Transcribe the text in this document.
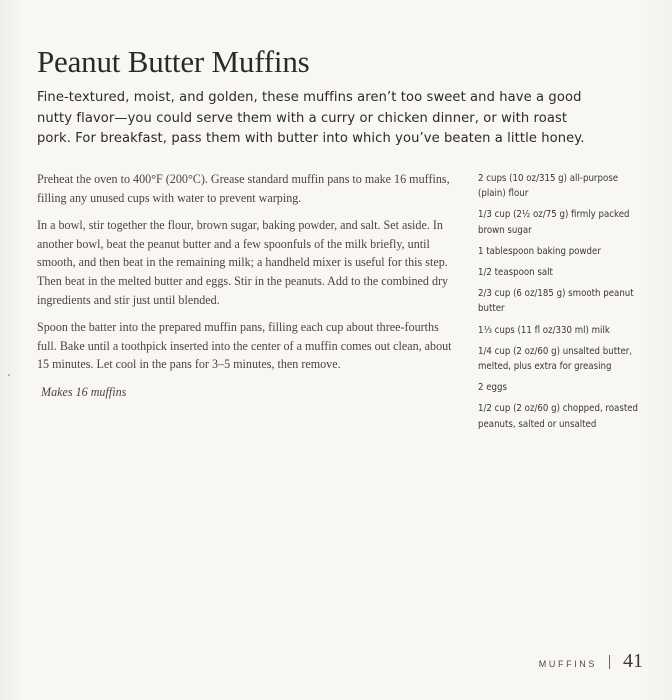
Peanut Butter Muffins

Fine-textured, moist, and golden, these muffins aren’t too sweet and have a good nutty flavor—you could serve them with a curry or chicken dinner, or with roast pork. For breakfast, pass them with butter into which you’ve beaten a little honey.

Preheat the oven to 400°F (200°C). Grease standard muffin pans to make 16 muffins, filling any unused cups with water to prevent warping.

In a bowl, stir together the flour, brown sugar, baking powder, and salt. Set aside. In another bowl, beat the peanut butter and a few spoonfuls of the milk briefly, until smooth, and then beat in the remaining milk; a handheld mixer is useful for this step. Then beat in the melted butter and eggs. Stir in the peanuts. Add to the combined dry ingredients and stir just until blended.

Spoon the batter into the prepared muffin pans, filling each cup about three-fourths full. Bake until a toothpick inserted into the center of a muffin comes out clean, about 15 minutes. Let cool in the pans for 3–5 minutes, then remove.

Makes 16 muffins

2 cups (10 oz/315 g) all-purpose (plain) flour
1/3 cup (2½ oz/75 g) firmly packed brown sugar
1 tablespoon baking powder
1/2 teaspoon salt
2/3 cup (6 oz/185 g) smooth peanut butter
1⅓ cups (11 fl oz/330 ml) milk
1/4 cup (2 oz/60 g) unsalted butter, melted, plus extra for greasing
2 eggs
1/2 cup (2 oz/60 g) chopped, roasted peanuts, salted or unsalted
MUFFINS 41
